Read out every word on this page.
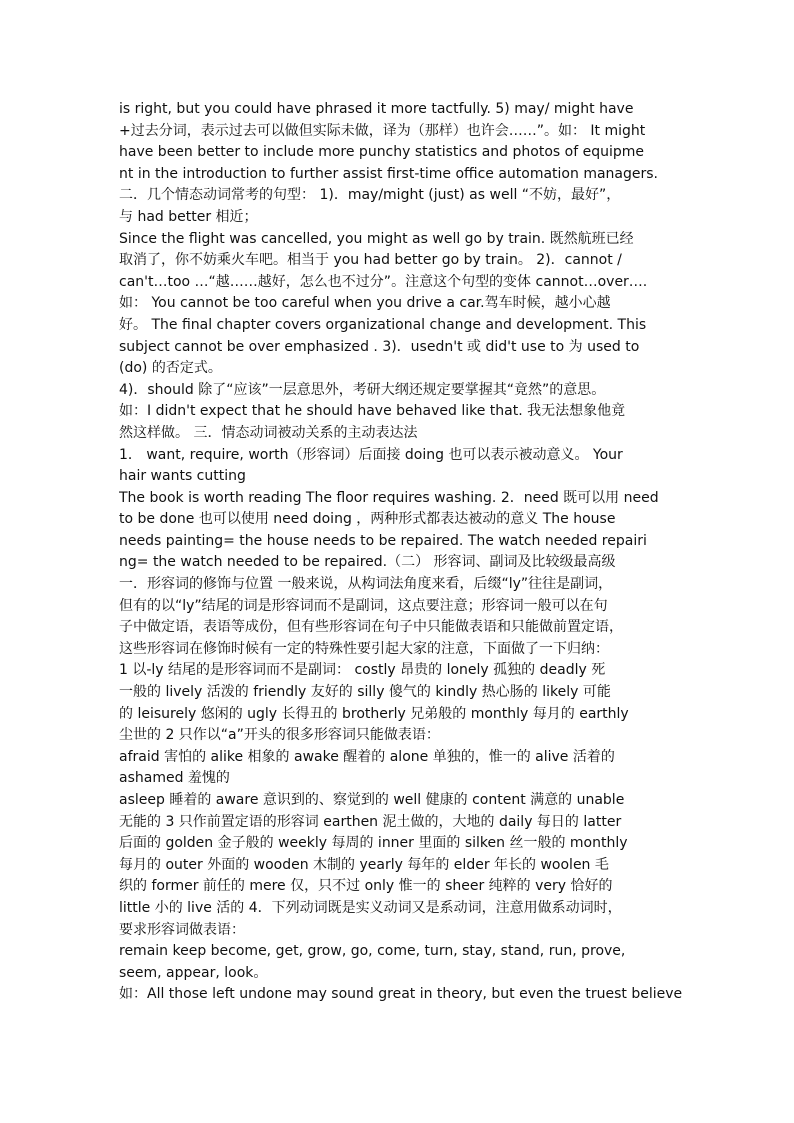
is right, but you could have phrased it more tactfully. 5) may/ might have
+过去分词，表示过去可以做但实际未做，译为（那样）也许会……”。如： It might
have been better to include more punchy statistics and photos of equipme
nt in the introduction to further assist first-time office automation managers.
二．几个情态动词常考的句型： 1)．may/might (just) as well “不妨，最好”，
与 had better 相近；
Since the flight was cancelled, you might as well go by train. 既然航班已经
取消了，你不妨乘火车吧。相当于 you had better go by train。 2)．cannot /
can't…too …“越……越好，怎么也不过分”。注意这个句型的变体 cannot…over….
如： You cannot be too careful when you drive a car.驾车时候，越小心越
好。 The final chapter covers organizational change and development. This
subject cannot be over emphasized . 3)．usedn't 或 did't use to 为 used to
(do) 的否定式。
4)．should 除了“应该”一层意思外，考研大纲还规定要掌握其“竟然”的意思。
如：I didn't expect that he should have behaved like that. 我无法想象他竟
然这样做。 三．情态动词被动关系的主动表达法
1． want, require, worth（形容词）后面接 doing 也可以表示被动意义。 Your
hair wants cutting
The book is worth reading The floor requires washing. 2．need 既可以用 need
to be done 也可以使用 need doing ，两种形式都表达被动的意义 The house
needs painting= the house needs to be repaired. The watch needed repairi
ng= the watch needed to be repaired.（二） 形容词、副词及比较级最高级
一．形容词的修饰与位置 一般来说，从构词法角度来看，后缀“ly”往往是副词，
但有的以“ly”结尾的词是形容词而不是副词，这点要注意；形容词一般可以在句
子中做定语，表语等成份，但有些形容词在句子中只能做表语和只能做前置定语，
这些形容词在修饰时候有一定的特殊性要引起大家的注意，下面做了一下归纳：
1 以-ly 结尾的是形容词而不是副词： costly 昂贵的 lonely 孤独的 deadly 死
一般的 lively 活泼的 friendly 友好的 silly 傻气的 kindly 热心肠的 likely 可能
的 leisurely 悠闲的 ugly 长得丑的 brotherly 兄弟般的 monthly 每月的 earthly
尘世的 2 只作以“a”开头的很多形容词只能做表语：
afraid 害怕的 alike 相象的 awake 醒着的 alone 单独的，惟一的 alive 活着的
ashamed 羞愧的
asleep 睡着的 aware 意识到的、察觉到的 well 健康的 content 满意的 unable
无能的 3 只作前置定语的形容词 earthen 泥土做的，大地的 daily 每日的 latter
后面的 golden 金子般的 weekly 每周的 inner 里面的 silken 丝一般的 monthly
每月的 outer 外面的 wooden 木制的 yearly 每年的 elder 年长的 woolen 毛
织的 former 前任的 mere 仅，只不过 only 惟一的 sheer 纯粹的 very 恰好的
little 小的 live 活的 4．下列动词既是实义动词又是系动词，注意用做系动词时，
要求形容词做表语：
remain keep become, get, grow, go, come, turn, stay, stand, run, prove,
seem, appear, look。
如：All those left undone may sound great in theory, but even the truest believe
